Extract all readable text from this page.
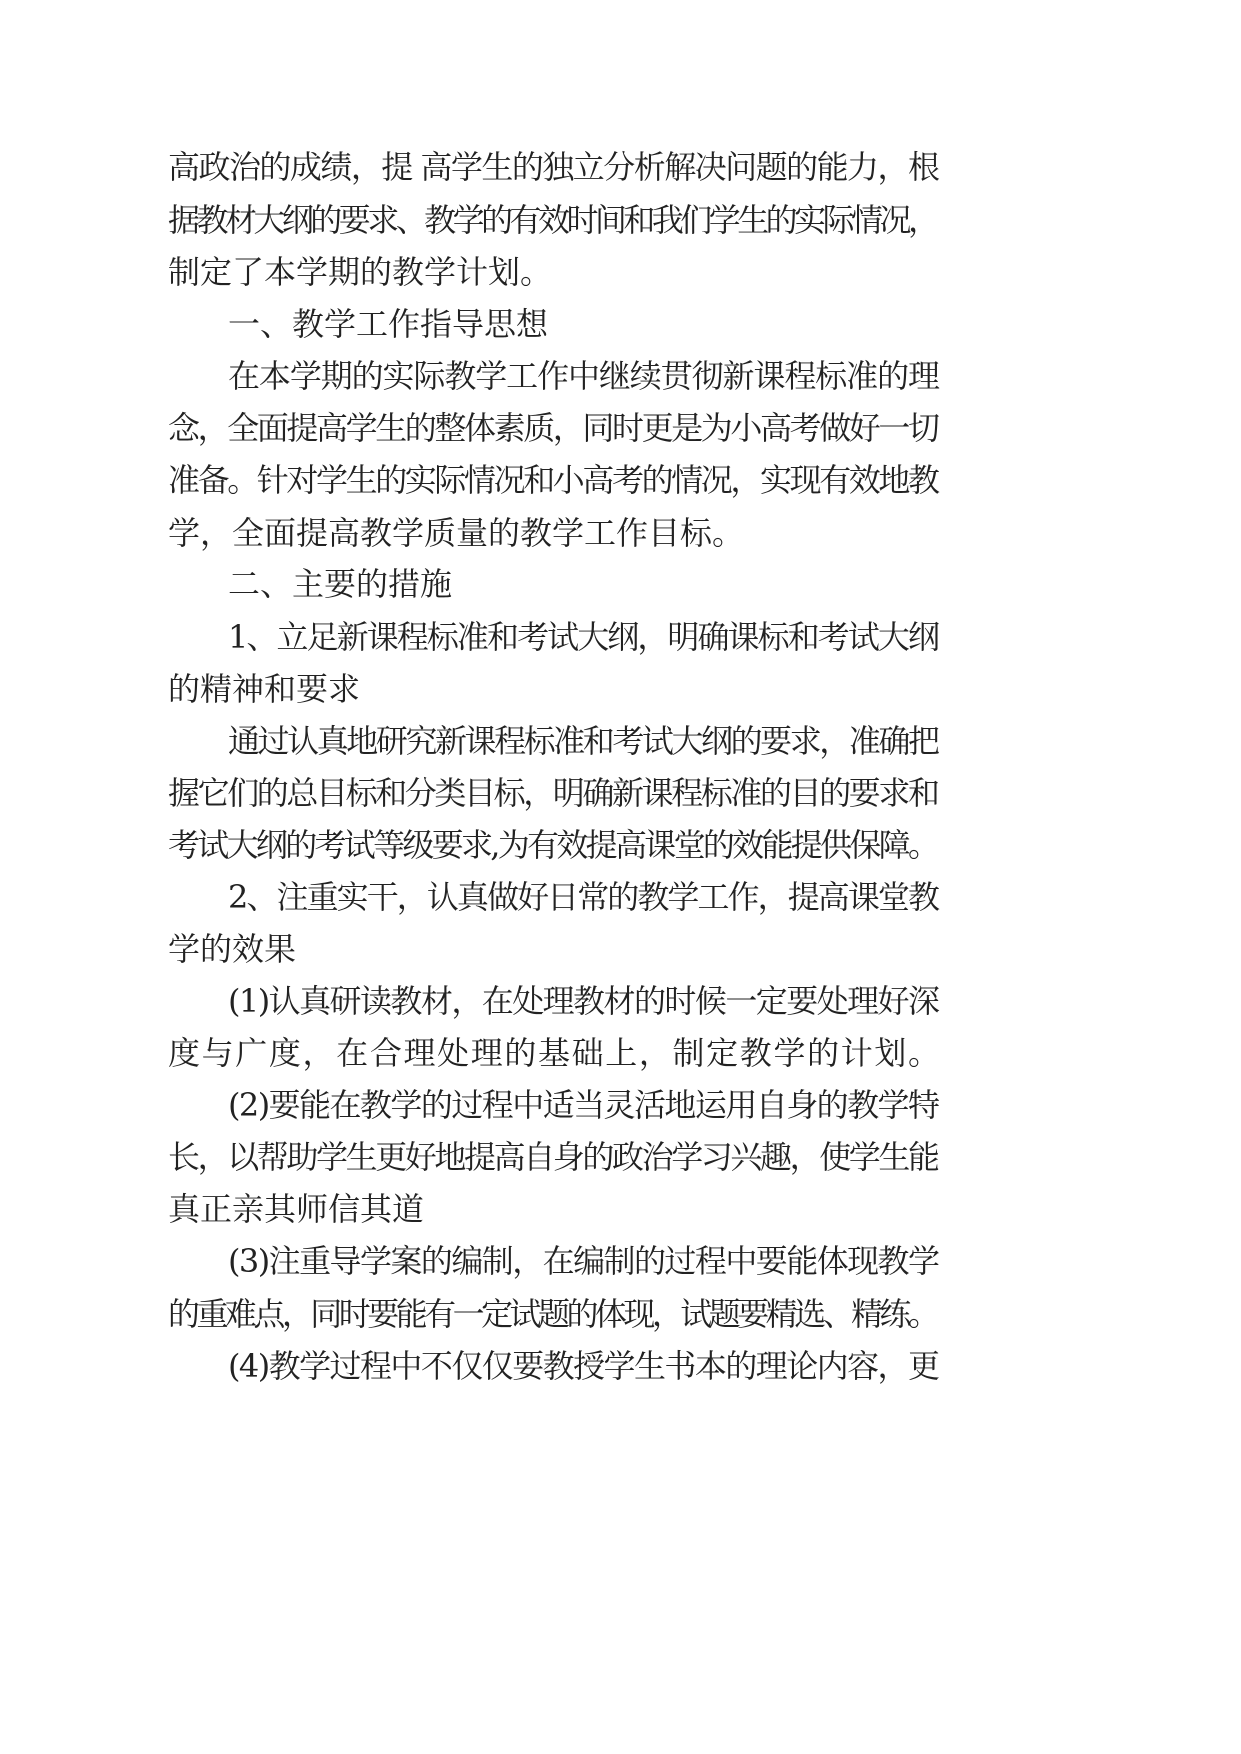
高政治的成绩，提 高学生的独立分析解决问题的能力，根
据教材大纲的要求、教学的有效时间和我们学生的实际情况，
制定了本学期的教学计划。
一、教学工作指导思想
在本学期的实际教学工作中继续贯彻新课程标准的理
念，全面提高学生的整体素质，同时更是为小高考做好一切
准备。针对学生的实际情况和小高考的情况，实现有效地教
学，全面提高教学质量的教学工作目标。
二、主要的措施
1、立足新课程标准和考试大纲，明确课标和考试大纲
的精神和要求
通过认真地研究新课程标准和考试大纲的要求，准确把
握它们的总目标和分类目标，明确新课程标准的目的要求和
考试大纲的考试等级要求,为有效提高课堂的效能提供保障。
2、注重实干，认真做好日常的教学工作，提高课堂教
学的效果
(1)认真研读教材，在处理教材的时候一定要处理好深
度与广度，在合理处理的基础上，制定教学的计划。
(2)要能在教学的过程中适当灵活地运用自身的教学特
长，以帮助学生更好地提高自身的政治学习兴趣，使学生能
真正亲其师信其道
(3)注重导学案的编制，在编制的过程中要能体现教学
的重难点，同时要能有一定试题的体现，试题要精选、精练。
(4)教学过程中不仅仅要教授学生书本的理论内容，更
